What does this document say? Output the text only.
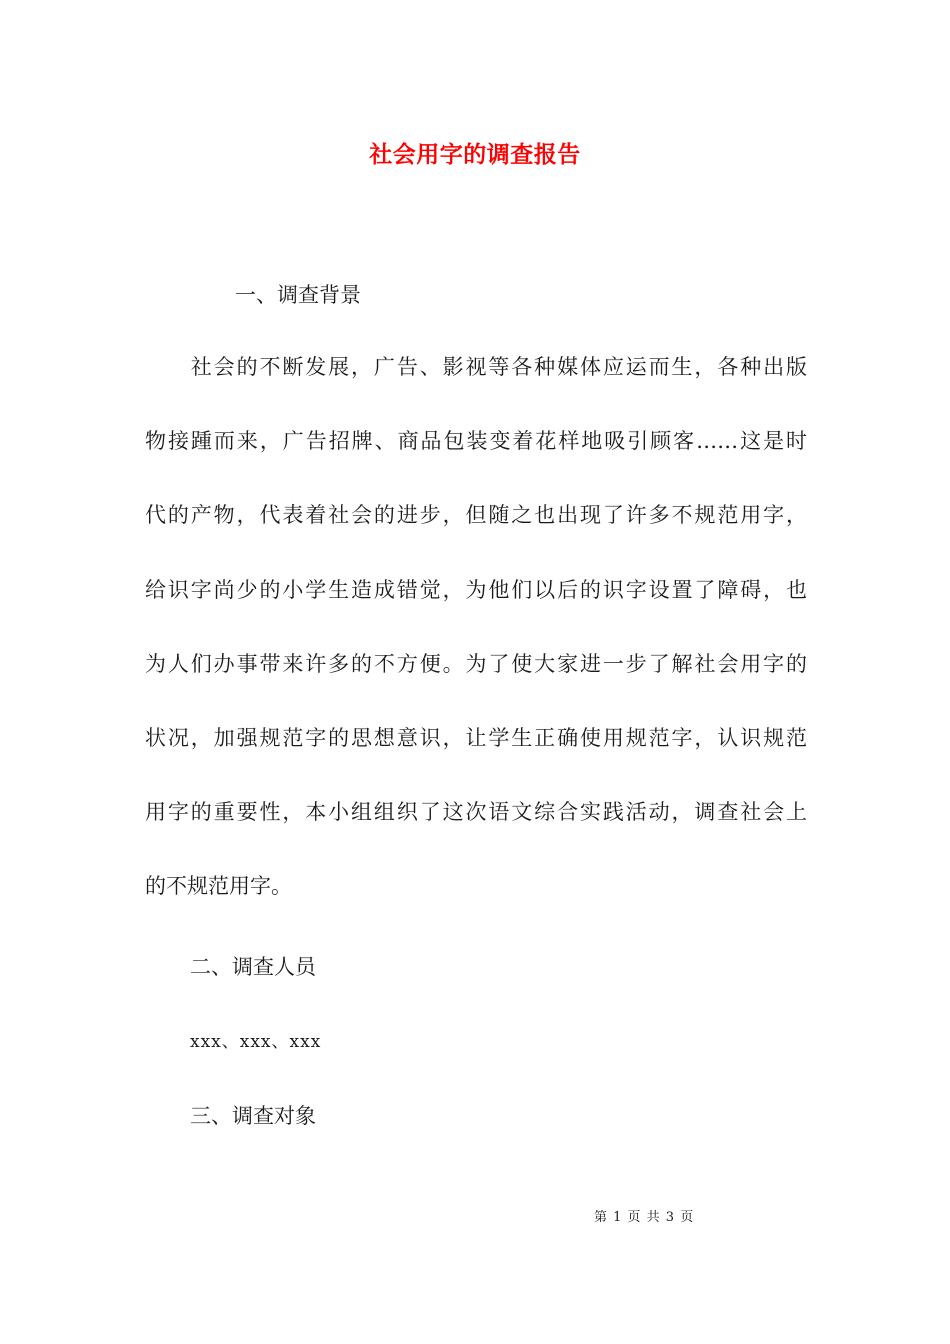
社会用字的调查报告
一、调查背景
　　社会的不断发展，广告、影视等各种媒体应运而生，各种出版
物接踵而来，广告招牌、商品包装变着花样地吸引顾客……这是时
代的产物，代表着社会的进步，但随之也出现了许多不规范用字，
给识字尚少的小学生造成错觉，为他们以后的识字设置了障碍，也
为人们办事带来许多的不方便。为了使大家进一步了解社会用字的
状况，加强规范字的思想意识，让学生正确使用规范字，认识规范
用字的重要性，本小组组织了这次语文综合实践活动，调查社会上
的不规范用字。
二、调查人员
xxx、xxx、xxx
三、调查对象
第 1 页 共 3 页
